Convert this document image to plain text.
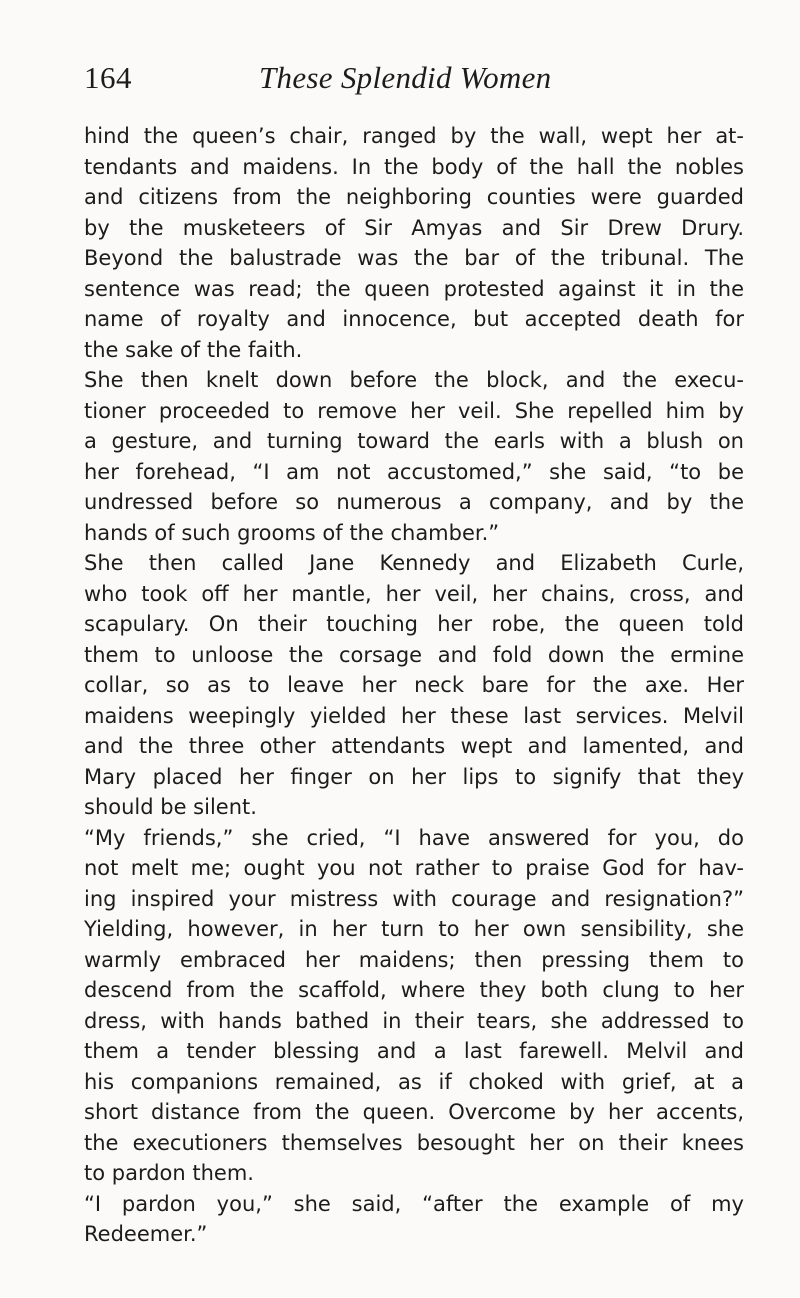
164	These Splendid Women
hind the queen’s chair, ranged by the wall, wept her at-
tendants and maidens. In the body of the hall the nobles
and citizens from the neighboring counties were guarded
by the musketeers of Sir Amyas and Sir Drew Drury.
Beyond the balustrade was the bar of the tribunal. The
sentence was read; the queen protested against it in the
name of royalty and innocence, but accepted death for
the sake of the faith.
She then knelt down before the block, and the execu-
tioner proceeded to remove her veil. She repelled him by
a gesture, and turning toward the earls with a blush on
her forehead, “I am not accustomed,” she said, “to be
undressed before so numerous a company, and by the
hands of such grooms of the chamber.”
She then called Jane Kennedy and Elizabeth Curle,
who took off her mantle, her veil, her chains, cross, and
scapulary. On their touching her robe, the queen told
them to unloose the corsage and fold down the ermine
collar, so as to leave her neck bare for the axe. Her
maidens weepingly yielded her these last services. Melvil
and the three other attendants wept and lamented, and
Mary placed her finger on her lips to signify that they
should be silent.
“My friends,” she cried, “I have answered for you, do
not melt me; ought you not rather to praise God for hav-
ing inspired your mistress with courage and resignation?”
Yielding, however, in her turn to her own sensibility, she
warmly embraced her maidens; then pressing them to
descend from the scaffold, where they both clung to her
dress, with hands bathed in their tears, she addressed to
them a tender blessing and a last farewell. Melvil and
his companions remained, as if choked with grief, at a
short distance from the queen. Overcome by her accents,
the executioners themselves besought her on their knees
to pardon them.
“I pardon you,” she said, “after the example of my
Redeemer.”
